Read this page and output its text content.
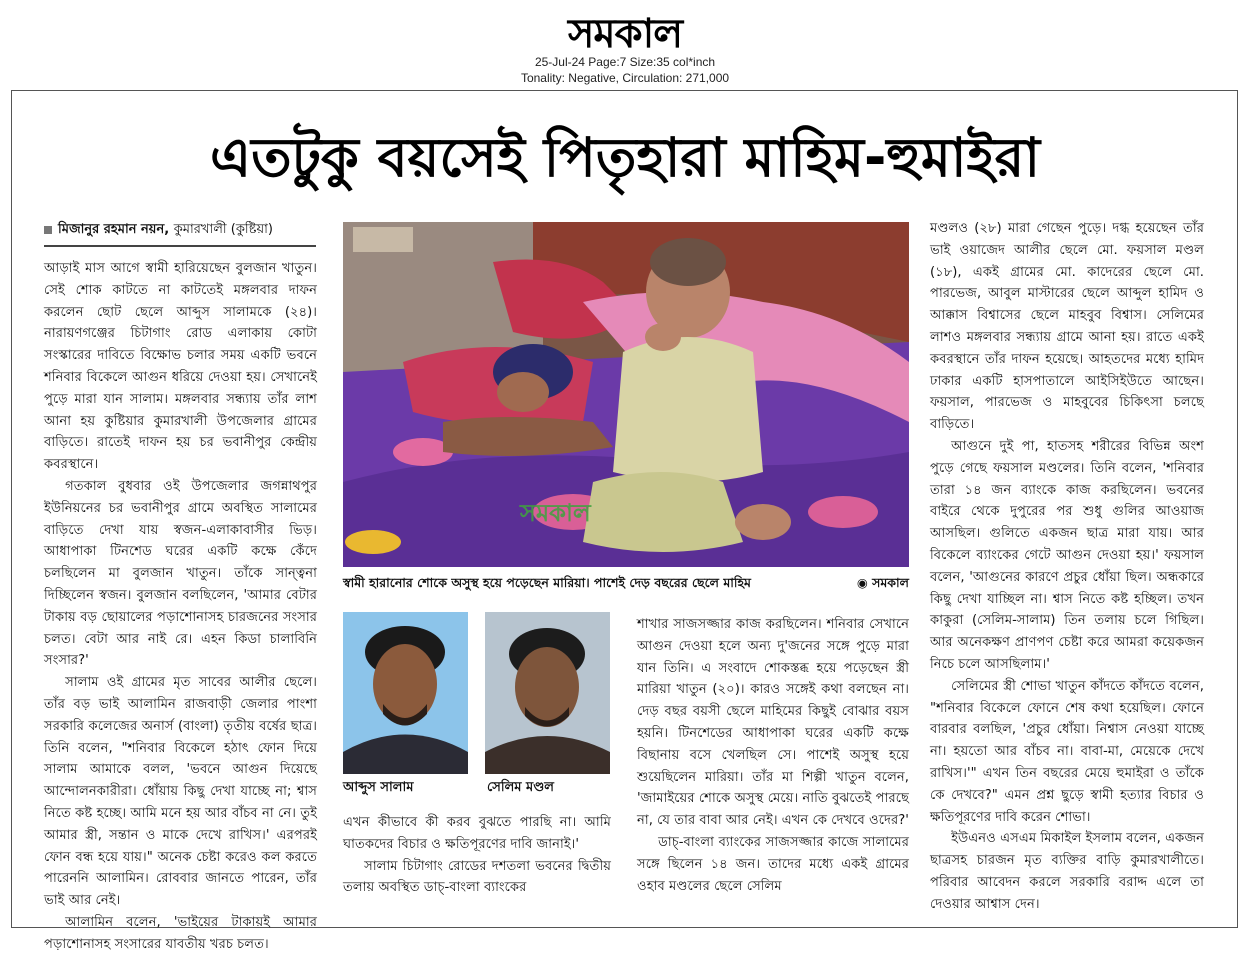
সমকাল
25-Jul-24 Page:7 Size:35 col*inch
Tonality: Negative, Circulation: 271,000
এতটুকু বয়সেই পিতৃহারা মাহিম-হুমাইরা
মিজানুর রহমান নয়ন, কুমারখালী (কুষ্টিয়া)

আড়াই মাস আগে স্বামী হারিয়েছেন বুলজান খাতুন। সেই শোক কাটতে না কাটতেই মঙ্গলবার দাফন করলেন ছোট ছেলে আব্দুস সালামকে (২৪)। নারায়ণগঞ্জের চিটাগাং রোড এলাকায় কোটা সংস্কারের দাবিতে বিক্ষোভ চলার সময় একটি ভবনে শনিবার বিকেলে আগুন ধরিয়ে দেওয়া হয়। সেখানেই পুড়ে মারা যান সালাম। মঙ্গলবার সন্ধ্যায় তাঁর লাশ আনা হয় কুষ্টিয়ার কুমারখালী উপজেলার গ্রামের বাড়িতে। রাতেই দাফন হয় চর ভবানীপুর কেন্দ্রীয় কবরস্থানে।

গতকাল বুধবার ওই উপজেলার জগন্নাথপুর ইউনিয়নের চর ভবানীপুর গ্রামে অবস্থিত সালামের বাড়িতে দেখা যায় স্বজন-এলাকাবাসীর ভিড়। আধাপাকা টিনশেড ঘরের একটি কক্ষে কেঁদে চলছিলেন মা বুলজান খাতুন। তাঁকে সান্ত্বনা দিচ্ছিলেন স্বজন। বুলজান বলছিলেন, 'আমার বেটার টাকায় বড় ছোয়ালের পড়াশোনাসহ চারজনের সংসার চলত। বেটা আর নাই রে। এহন কিডা চালাবিনি সংসার?'

সালাম ওই গ্রামের মৃত সাবের আলীর ছেলে। তাঁর বড় ভাই আলামিন রাজবাড়ী জেলার পাংশা সরকারি কলেজের অনার্স (বাংলা) তৃতীয় বর্ষের ছাত্র। তিনি বলেন, "শনিবার বিকেলে হঠাৎ ফোন দিয়ে সালাম আমাকে বলল, 'ভবনে আগুন দিয়েছে আন্দোলনকারীরা। ধোঁয়ায় কিছু দেখা যাচ্ছে না; শ্বাস নিতে কষ্ট হচ্ছে। আমি মনে হয় আর বাঁচব না নে। তুই আমার স্ত্রী, সন্তান ও মাকে দেখে রাখিস।' এরপরই ফোন বন্ধ হয়ে যায়।" অনেক চেষ্টা করেও কল করতে পারেননি আলামিন। রোববার জানতে পারেন, তাঁর ভাই আর নেই।

আলামিন বলেন, 'ভাইয়ের টাকায়ই আমার পড়াশোনাসহ সংসারের যাবতীয় খরচ চলত।

সমকাল
স্বামী হারানোর শোকে অসুস্থ হয়ে পড়েছেন মারিয়া। পাশেই দেড় বছরের ছেলে মাহিম	◉ সমকাল
আব্দুস সালাম	সেলিম মণ্ডল

এখন কীভাবে কী করব বুঝতে পারছি না। আমি ঘাতকদের বিচার ও ক্ষতিপূরণের দাবি জানাই।'

সালাম চিটাগাং রোডের দশতলা ভবনের দ্বিতীয় তলায় অবস্থিত ডাচ্-বাংলা ব্যাংকের

শাখার সাজসজ্জার কাজ করছিলেন। শনিবার সেখানে আগুন দেওয়া হলে অন্য দু'জনের সঙ্গে পুড়ে মারা যান তিনি। এ সংবাদে শোকস্তব্ধ হয়ে পড়েছেন স্ত্রী মারিয়া খাতুন (২০)। কারও সঙ্গেই কথা বলছেন না। দেড় বছর বয়সী ছেলে মাহিমের কিছুই বোঝার বয়স হয়নি। টিনশেডের আধাপাকা ঘরের একটি কক্ষে বিছানায় বসে খেলছিল সে। পাশেই অসুস্থ হয়ে শুয়েছিলেন মারিয়া। তাঁর মা শিল্পী খাতুন বলেন, 'জামাইয়ের শোকে অসুস্থ মেয়ে। নাতি বুঝতেই পারছে না, যে তার বাবা আর নেই। এখন কে দেখবে ওদের?'

ডাচ্-বাংলা ব্যাংকের সাজসজ্জার কাজে সালামের সঙ্গে ছিলেন ১৪ জন। তাদের মধ্যে একই গ্রামের ওহাব মণ্ডলের ছেলে সেলিম

মণ্ডলও (২৮) মারা গেছেন পুড়ে। দগ্ধ হয়েছেন তাঁর ভাই ওয়াজেদ আলীর ছেলে মো. ফয়সাল মণ্ডল (১৮), একই গ্রামের মো. কাদেরের ছেলে মো. পারভেজ, আবুল মাস্টারের ছেলে আব্দুল হামিদ ও আক্কাস বিশ্বাসের ছেলে মাহবুব বিশ্বাস। সেলিমের লাশও মঙ্গলবার সন্ধ্যায় গ্রামে আনা হয়। রাতে একই কবরস্থানে তাঁর দাফন হয়েছে। আহতদের মধ্যে হামিদ ঢাকার একটি হাসপাতালে আইসিইউতে আছেন। ফয়সাল, পারভেজ ও মাহবুবের চিকিৎসা চলছে বাড়িতে।

আগুনে দুই পা, হাতসহ শরীরের বিভিন্ন অংশ পুড়ে গেছে ফয়সাল মণ্ডলের। তিনি বলেন, 'শনিবার তারা ১৪ জন ব্যাংকে কাজ করছিলেন। ভবনের বাইরে থেকে দুপুরের পর শুধু গুলির আওয়াজ আসছিল। গুলিতে একজন ছাত্র মারা যায়। আর বিকেলে ব্যাংকের গেটে আগুন দেওয়া হয়।' ফয়সাল বলেন, 'আগুনের কারণে প্রচুর ধোঁয়া ছিল। অন্ধকারে কিছু দেখা যাচ্ছিল না। শ্বাস নিতে কষ্ট হচ্ছিল। তখন কাকুরা (সেলিম-সালাম) তিন তলায় চলে গিছিল। আর অনেকক্ষণ প্রাণপণ চেষ্টা করে আমরা কয়েকজন নিচে চলে আসছিলাম।'

সেলিমের স্ত্রী শোভা খাতুন কাঁদতে কাঁদতে বলেন, "শনিবার বিকেলে ফোনে শেষ কথা হয়েছিল। ফোনে বারবার বলছিল, 'প্রচুর ধোঁয়া। নিশ্বাস নেওয়া যাচ্ছে না। হয়তো আর বাঁচব না। বাবা-মা, মেয়েকে দেখে রাখিস।'" এখন তিন বছরের মেয়ে হুমাইরা ও তাঁকে কে দেখবে?" এমন প্রশ্ন ছুড়ে স্বামী হত্যার বিচার ও ক্ষতিপূরণের দাবি করেন শোভা।

ইউএনও এসএম মিকাইল ইসলাম বলেন, একজন ছাত্রসহ চারজন মৃত ব্যক্তির বাড়ি কুমারখালীতে। পরিবার আবেদন করলে সরকারি বরাদ্দ এলে তা দেওয়ার আশ্বাস দেন।
